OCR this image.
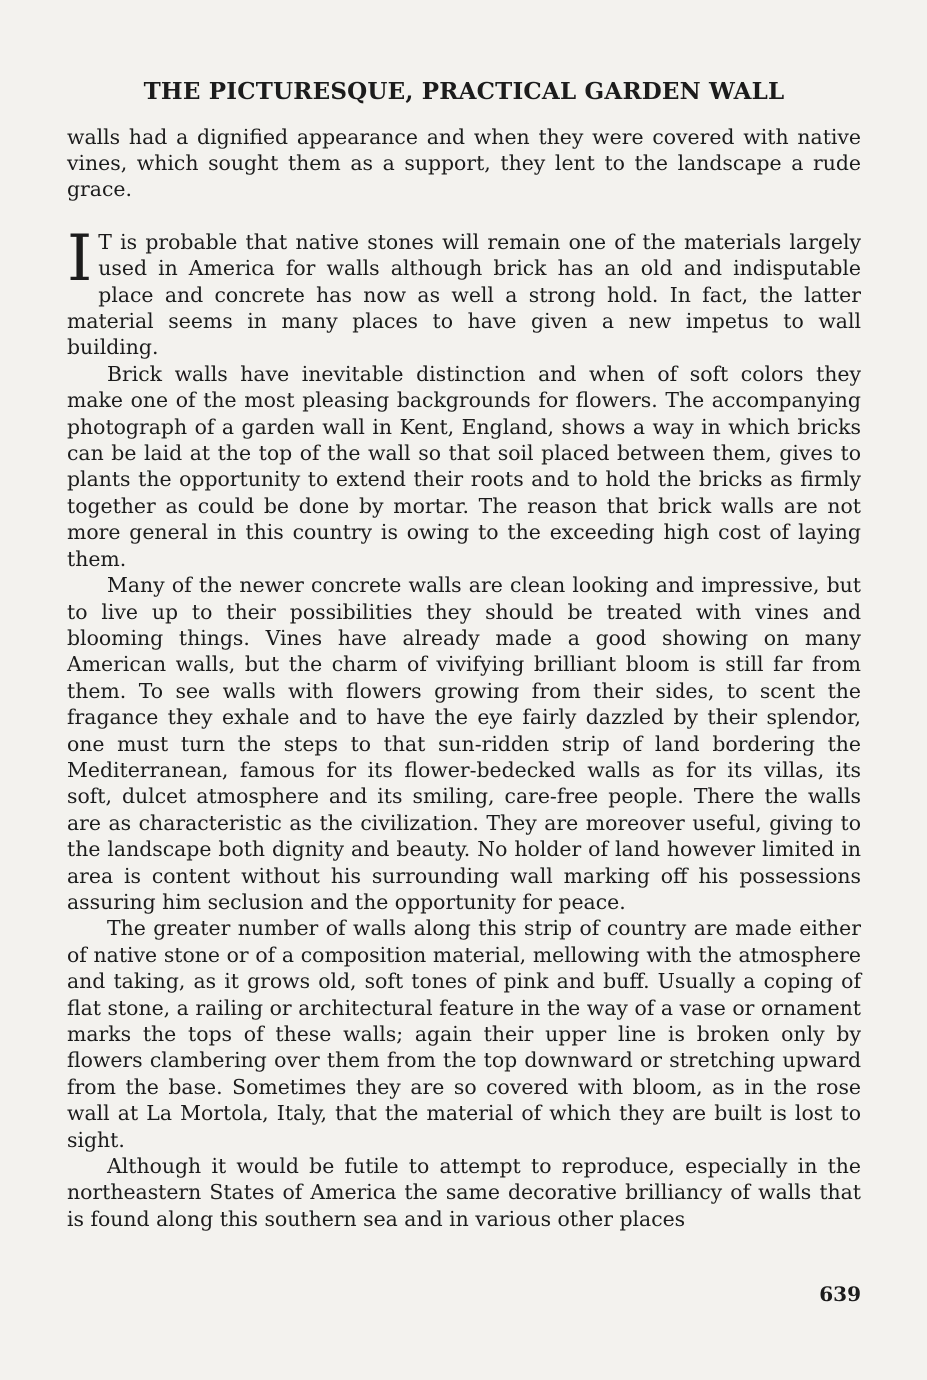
THE PICTURESQUE, PRACTICAL GARDEN WALL

walls had a dignified appearance and when they were covered with native vines, which sought them as a support, they lent to the landscape a rude grace.

I T is probable that native stones will remain one of the materials largely used in America for walls although brick has an old and indisputable place and concrete has now as well a strong hold. In fact, the latter material seems in many places to have given a new impetus to wall building.

Brick walls have inevitable distinction and when of soft colors they make one of the most pleasing backgrounds for flowers. The accompanying photograph of a garden wall in Kent, England, shows a way in which bricks can be laid at the top of the wall so that soil placed between them, gives to plants the opportunity to extend their roots and to hold the bricks as firmly together as could be done by mortar. The reason that brick walls are not more general in this country is owing to the exceeding high cost of laying them.

Many of the newer concrete walls are clean looking and impressive, but to live up to their possibilities they should be treated with vines and blooming things. Vines have already made a good showing on many American walls, but the charm of vivifying brilliant bloom is still far from them. To see walls with flowers growing from their sides, to scent the fragance they exhale and to have the eye fairly dazzled by their splendor, one must turn the steps to that sun-ridden strip of land bordering the Mediterranean, famous for its flower-bedecked walls as for its villas, its soft, dulcet atmosphere and its smiling, care-free people. There the walls are as characteristic as the civilization. They are moreover useful, giving to the landscape both dignity and beauty. No holder of land however limited in area is content without his surrounding wall marking off his possessions assuring him seclusion and the opportunity for peace.

The greater number of walls along this strip of country are made either of native stone or of a composition material, mellowing with the atmosphere and taking, as it grows old, soft tones of pink and buff. Usually a coping of flat stone, a railing or architectural feature in the way of a vase or ornament marks the tops of these walls; again their upper line is broken only by flowers clambering over them from the top downward or stretching upward from the base. Sometimes they are so covered with bloom, as in the rose wall at La Mortola, Italy, that the material of which they are built is lost to sight.

Although it would be futile to attempt to reproduce, especially in the northeastern States of America the same decorative brilliancy of walls that is found along this southern sea and in various other places

639
